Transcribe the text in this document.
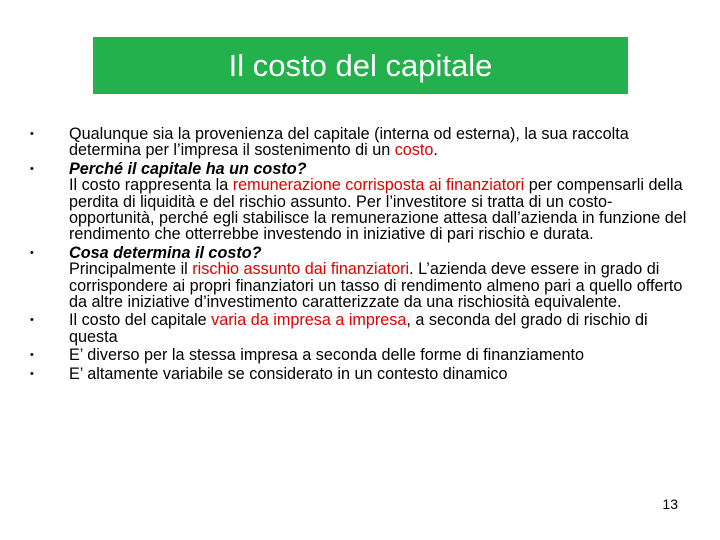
Il costo del capitale
• Qualunque sia la provenienza del capitale (interna od esterna), la sua raccolta determina per l’impresa il sostenimento di un costo.
• Perché il capitale ha un costo?
Il costo rappresenta la remunerazione corrisposta ai finanziatori per compensarli della perdita di liquidità e del rischio assunto. Per l’investitore si tratta di un costo-opportunità, perché egli stabilisce la remunerazione attesa dall’azienda in funzione del rendimento che otterrebbe investendo in iniziative di pari rischio e durata.
• Cosa determina il costo?
Principalmente il rischio assunto dai finanziatori. L’azienda deve essere in grado di corrispondere ai propri finanziatori un tasso di rendimento almeno pari a quello offerto da altre iniziative d’investimento caratterizzate da una rischiosità equivalente.
• Il costo del capitale varia da impresa a impresa, a seconda del grado di rischio di questa
• E’ diverso per la stessa impresa a seconda delle forme di finanziamento
• E’ altamente variabile se considerato in un contesto dinamico
13
